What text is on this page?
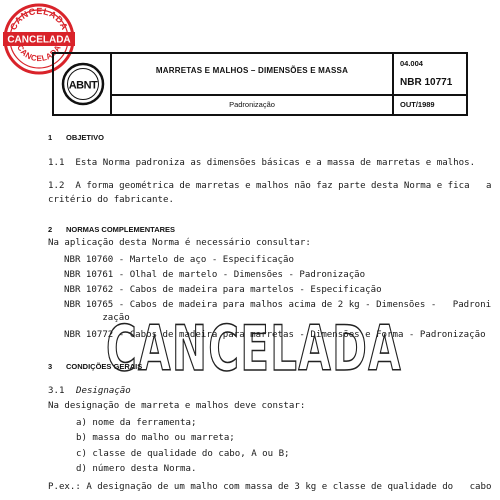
CANCELADA
CANCELADA
CANCELADA
ABNT
MARRETAS E MALHOS – DIMENSÕES E MASSA
Padronização
04.004
NBR 10771
OUT/1989
1 OBJETIVO
1.1  Esta Norma padroniza as dimensões básicas e a massa de marretas e malhos.
1.2  A forma geométrica de marretas e malhos não faz parte desta Norma e fica   a
critério do fabricante.
2 NORMAS COMPLEMENTARES
Na aplicação desta Norma é necessário consultar:
NBR 10760 - Martelo de aço - Especificação
NBR 10761 - Olhal de martelo - Dimensões - Padronização
NBR 10762 - Cabos de madeira para martelos - Especificação
NBR 10765 - Cabos de madeira para malhos acima de 2 kg - Dimensões -   Padroni
zação
NBR 10772 - Cabos de madeira para marretas - Dimensões e Forma - Padronização
3 CONDIÇÕES GERAIS
3.1 Designação
Na designação de marreta e malhos deve constar:
a) nome da ferramenta;
b) massa do malho ou marreta;
c) classe de qualidade do cabo, A ou B;
d) número desta Norma.
P.ex.: A designação de um malho com massa de 3 kg e classe de qualidade do   cabo
CANCELADA
